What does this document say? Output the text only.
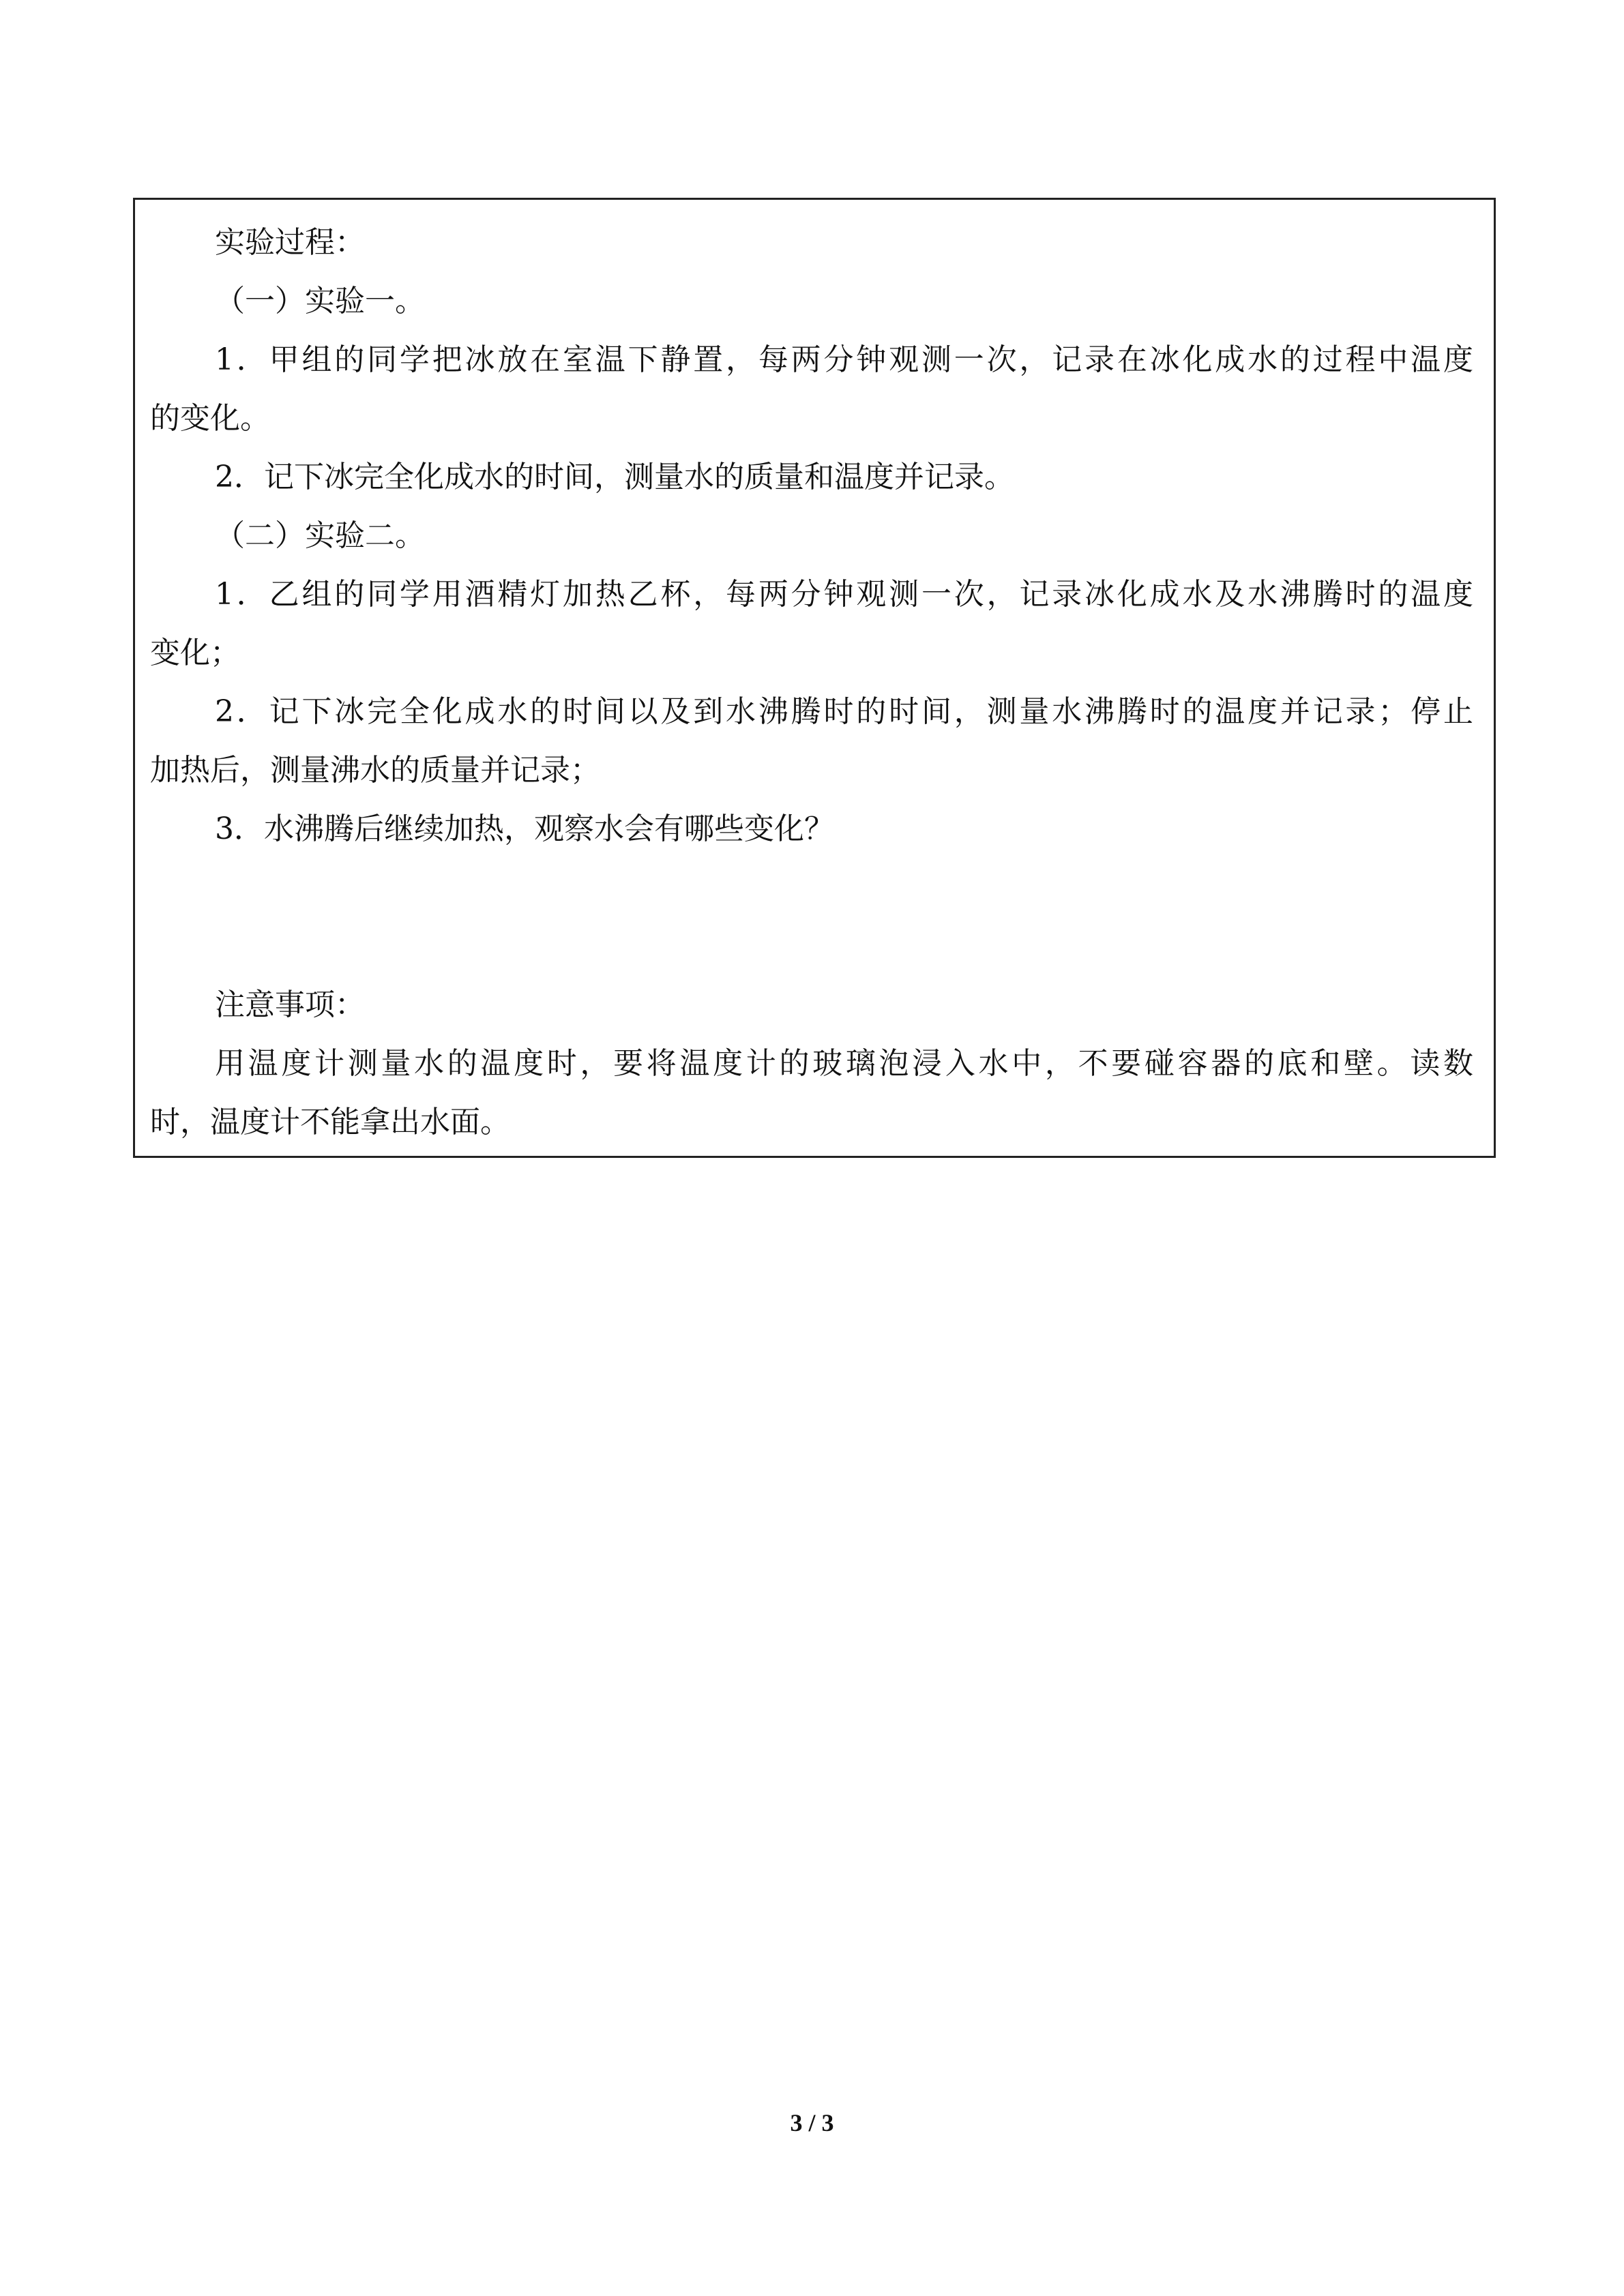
实验过程：
（一）实验一。
1．甲组的同学把冰放在室温下静置，每两分钟观测一次，记录在冰化成水的过程中温度
的变化。
2．记下冰完全化成水的时间，测量水的质量和温度并记录。
（二）实验二。
1．乙组的同学用酒精灯加热乙杯，每两分钟观测一次，记录冰化成水及水沸腾时的温度
变化；
2．记下冰完全化成水的时间以及到水沸腾时的时间，测量水沸腾时的温度并记录；停止
加热后，测量沸水的质量并记录；
3．水沸腾后继续加热，观察水会有哪些变化？
注意事项：
用温度计测量水的温度时，要将温度计的玻璃泡浸入水中，不要碰容器的底和壁。读数
时，温度计不能拿出水面。
3 / 3
